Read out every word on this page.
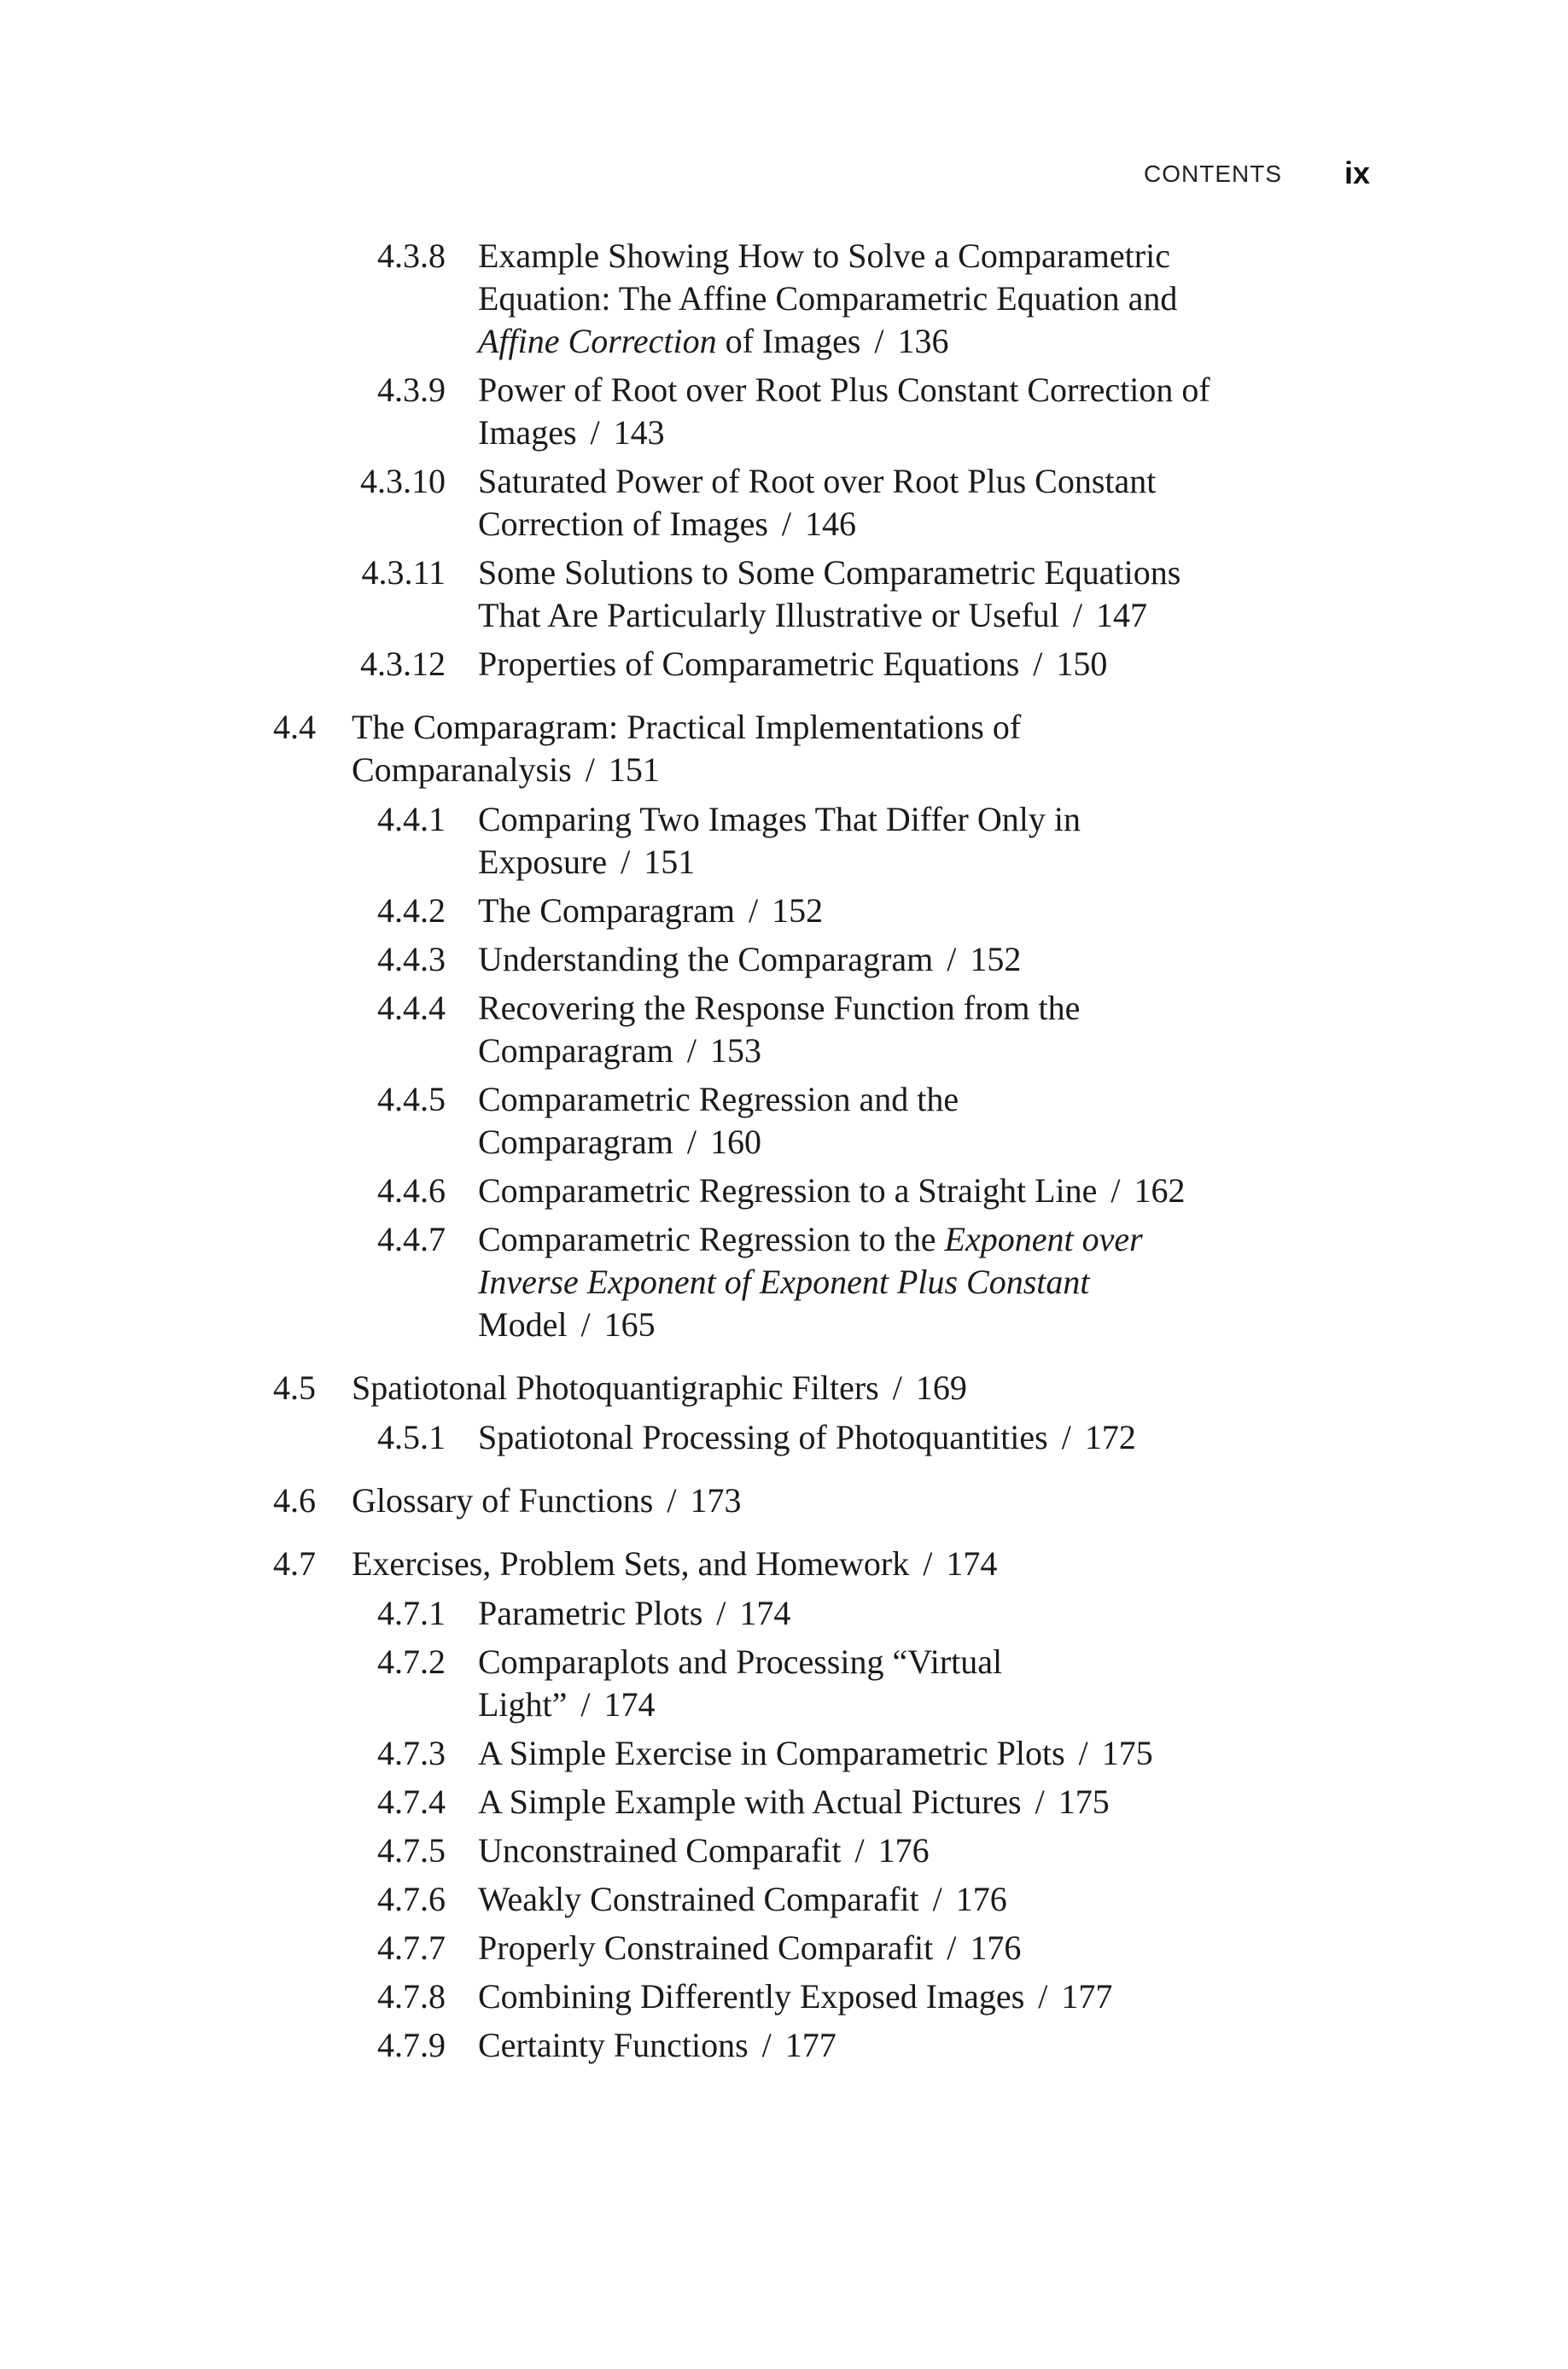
CONTENTS ix
4.3.8 Example Showing How to Solve a Comparametric Equation: The Affine Comparametric Equation and Affine Correction of Images / 136
4.3.9 Power of Root over Root Plus Constant Correction of Images / 143
4.3.10 Saturated Power of Root over Root Plus Constant Correction of Images / 146
4.3.11 Some Solutions to Some Comparametric Equations That Are Particularly Illustrative or Useful / 147
4.3.12 Properties of Comparametric Equations / 150
4.4 The Comparagram: Practical Implementations of Comparanalysis / 151
4.4.1 Comparing Two Images That Differ Only in Exposure / 151
4.4.2 The Comparagram / 152
4.4.3 Understanding the Comparagram / 152
4.4.4 Recovering the Response Function from the Comparagram / 153
4.4.5 Comparametric Regression and the Comparagram / 160
4.4.6 Comparametric Regression to a Straight Line / 162
4.4.7 Comparametric Regression to the Exponent over Inverse Exponent of Exponent Plus Constant Model / 165
4.5 Spatiotonal Photoquantigraphic Filters / 169
4.5.1 Spatiotonal Processing of Photoquantities / 172
4.6 Glossary of Functions / 173
4.7 Exercises, Problem Sets, and Homework / 174
4.7.1 Parametric Plots / 174
4.7.2 Comparaplots and Processing “Virtual Light” / 174
4.7.3 A Simple Exercise in Comparametric Plots / 175
4.7.4 A Simple Example with Actual Pictures / 175
4.7.5 Unconstrained Comparafit / 176
4.7.6 Weakly Constrained Comparafit / 176
4.7.7 Properly Constrained Comparafit / 176
4.7.8 Combining Differently Exposed Images / 177
4.7.9 Certainty Functions / 177
